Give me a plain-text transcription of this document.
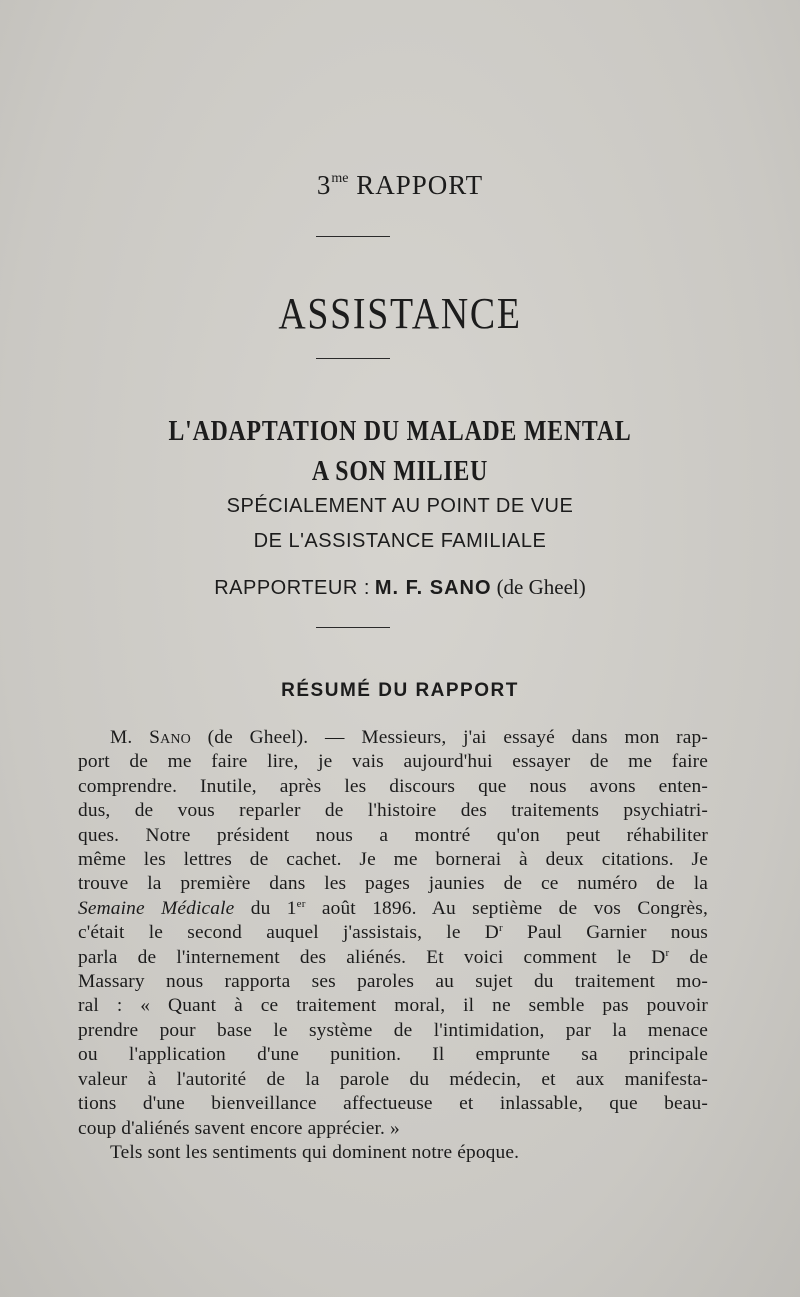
$3^{me}$ RAPPORT
ASSISTANCE
L'ADAPTATION DU MALADE MENTAL
A SON MILIEU
SPÉCIALEMENT AU POINT DE VUE
DE L'ASSISTANCE FAMILIALE
RAPPORTEUR : M. F. SANO (de Gheel)
RÉSUMÉ DU RAPPORT
M. Sano (de Gheel). — Messieurs, j'ai essayé dans mon rap-
port de me faire lire, je vais aujourd'hui essayer de me faire
comprendre. Inutile, après les discours que nous avons enten-
dus, de vous reparler de l'histoire des traitements psychiatri-
ques. Notre président nous a montré qu'on peut réhabiliter
même les lettres de cachet. Je me bornerai à deux citations. Je
trouve la première dans les pages jaunies de ce numéro de la
Semaine Médicale du 1er août 1896. Au septième de vos Congrès,
c'était le second auquel j'assistais, le $D^r$ Paul Garnier nous
parla de l'internement des aliénés. Et voici comment le $D^r$ de
Massary nous rapporta ses paroles au sujet du traitement mo-
ral : « Quant à ce traitement moral, il ne semble pas pouvoir
prendre pour base le système de l'intimidation, par la menace
ou l'application d'une punition. Il emprunte sa principale
valeur à l'autorité de la parole du médecin, et aux manifesta-
tions d'une bienveillance affectueuse et inlassable, que beau-
coup d'aliénés savent encore apprécier. »
Tels sont les sentiments qui dominent notre époque.
